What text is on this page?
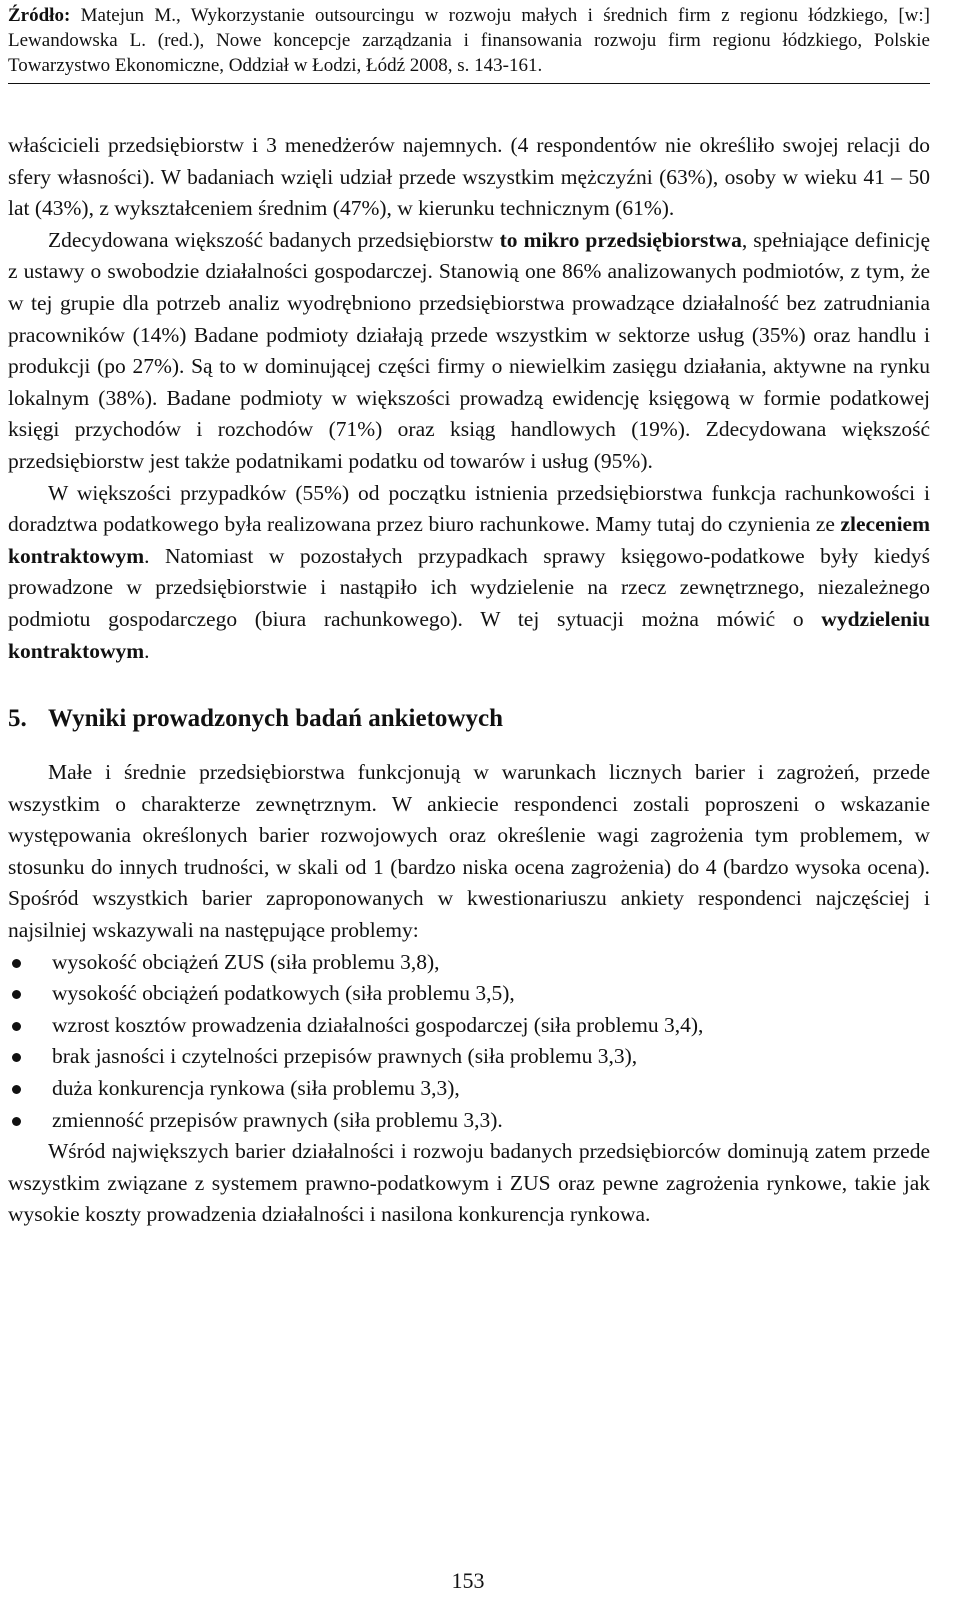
Źródło: Matejun M., Wykorzystanie outsourcingu w rozwoju małych i średnich firm z regionu łódzkiego, [w:] Lewandowska L. (red.), Nowe koncepcje zarządzania i finansowania rozwoju firm regionu łódzkiego, Polskie Towarzystwo Ekonomiczne, Oddział w Łodzi, Łódź 2008, s. 143-161.

właścicieli przedsiębiorstw i 3 menedżerów najemnych. (4 respondentów nie określiło swojej relacji do sfery własności). W badaniach wzięli udział przede wszystkim mężczyźni (63%), osoby w wieku 41 – 50 lat (43%), z wykształceniem średnim (47%), w kierunku technicznym (61%).

Zdecydowana większość badanych przedsiębiorstw to mikro przedsiębiorstwa, spełniające definicję z ustawy o swobodzie działalności gospodarczej. Stanowią one 86% analizowanych podmiotów, z tym, że w tej grupie dla potrzeb analiz wyodrębniono przedsiębiorstwa prowadzące działalność bez zatrudniania pracowników (14%) Badane podmioty działają przede wszystkim w sektorze usług (35%) oraz handlu i produkcji (po 27%). Są to w dominującej części firmy o niewielkim zasięgu działania, aktywne na rynku lokalnym (38%). Badane podmioty w większości prowadzą ewidencję księgową w formie podatkowej księgi przychodów i rozchodów (71%) oraz ksiąg handlowych (19%). Zdecydowana większość przedsiębiorstw jest także podatnikami podatku od towarów i usług (95%).

W większości przypadków (55%) od początku istnienia przedsiębiorstwa funkcja rachunkowości i doradztwa podatkowego była realizowana przez biuro rachunkowe. Mamy tutaj do czynienia ze zleceniem kontraktowym. Natomiast w pozostałych przypadkach sprawy księgowo-podatkowe były kiedyś prowadzone w przedsiębiorstwie i nastąpiło ich wydzielenie na rzecz zewnętrznego, niezależnego podmiotu gospodarczego (biura rachunkowego). W tej sytuacji można mówić o wydzieleniu kontraktowym.

5. Wyniki prowadzonych badań ankietowych

Małe i średnie przedsiębiorstwa funkcjonują w warunkach licznych barier i zagrożeń, przede wszystkim o charakterze zewnętrznym. W ankiecie respondenci zostali poproszeni o wskazanie występowania określonych barier rozwojowych oraz określenie wagi zagrożenia tym problemem, w stosunku do innych trudności, w skali od 1 (bardzo niska ocena zagrożenia) do 4 (bardzo wysoka ocena). Spośród wszystkich barier zaproponowanych w kwestionariuszu ankiety respondenci najczęściej i najsilniej wskazywali na następujące problemy:

wysokość obciążeń ZUS (siła problemu 3,8),
wysokość obciążeń podatkowych (siła problemu 3,5),
wzrost kosztów prowadzenia działalności gospodarczej (siła problemu 3,4),
brak jasności i czytelności przepisów prawnych (siła problemu 3,3),
duża konkurencja rynkowa (siła problemu 3,3),
zmienność przepisów prawnych (siła problemu 3,3).

Wśród największych barier działalności i rozwoju badanych przedsiębiorców dominują zatem przede wszystkim związane z systemem prawno-podatkowym i ZUS oraz pewne zagrożenia rynkowe, takie jak wysokie koszty prowadzenia działalności i nasilona konkurencja rynkowa.

153
